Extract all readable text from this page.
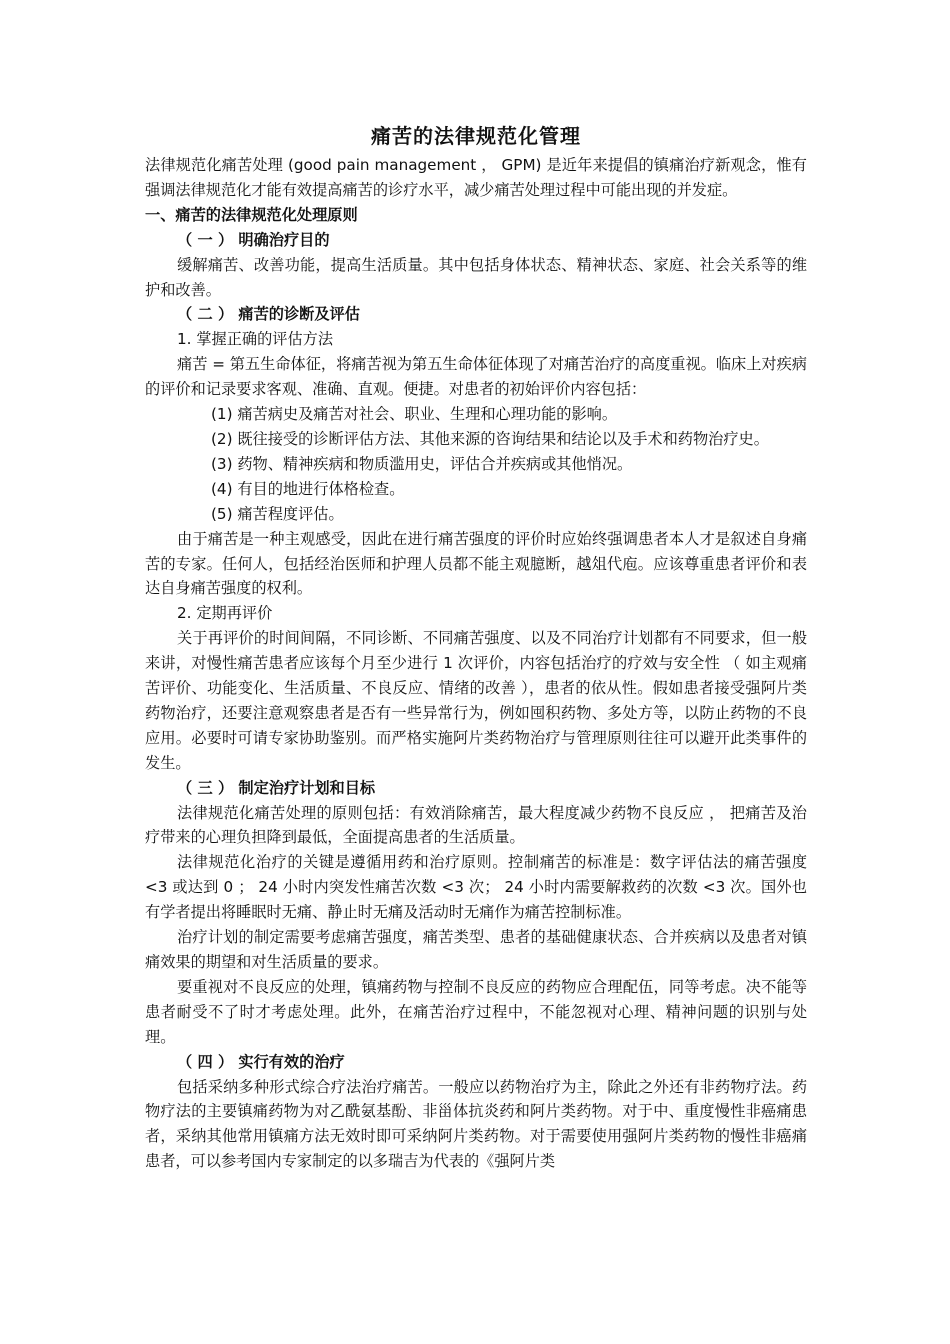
痛苦的法律规范化管理

法律规范化痛苦处理 (good pain management ， GPM) 是近年来提倡的镇痛治疗新观念，惟有强调法律规范化才能有效提高痛苦的诊疗水平，减少痛苦处理过程中可能出现的并发症。

一、痛苦的法律规范化处理原则

（ 一 ） 明确治疗目的

缓解痛苦、改善功能，提高生活质量。其中包括身体状态、精神状态、家庭、社会关系等的维护和改善。

（ 二 ） 痛苦的诊断及评估

1. 掌握正确的评估方法

痛苦 = 第五生命体征，将痛苦视为第五生命体征体现了对痛苦治疗的高度重视。临床上对疾病的评价和记录要求客观、准确、直观。便捷。对患者的初始评价内容包括：

(1) 痛苦病史及痛苦对社会、职业、生理和心理功能的影响。

(2) 既往接受的诊断评估方法、其他来源的咨询结果和结论以及手术和药物治疗史。

(3) 药物、精神疾病和物质滥用史，评估合并疾病或其他悄况。

(4) 有目的地进行体格检查。

(5) 痛苦程度评估。

由于痛苦是一种主观感受，因此在进行痛苦强度的评价时应始终强调患者本人才是叙述自身痛苦的专家。任何人，包括经治医师和护理人员都不能主观臆断，越俎代庖。应该尊重患者评价和表达自身痛苦强度的权利。

2. 定期再评价

关于再评价的时间间隔，不同诊断、不同痛苦强度、以及不同治疗计划都有不同要求，但一般来讲，对慢性痛苦患者应该每个月至少进行 1 次评价，内容包括治疗的疗效与安全性 （ 如主观痛苦评价、功能变化、生活质量、不良反应、情绪的改善 ），患者的依从性。假如患者接受强阿片类药物治疗，还要注意观察患者是否有一些异常行为，例如囤积药物、多处方等，以防止药物的不良应用。必要时可请专家协助鉴别。而严格实施阿片类药物治疗与管理原则往往可以避开此类事件的发生。

（ 三 ） 制定治疗计划和目标

法律规范化痛苦处理的原则包括：有效消除痛苦，最大程度减少药物不良反应 ， 把痛苦及治疗带来的心理负担降到最低，全面提高患者的生活质量。

法律规范化治疗的关键是遵循用药和治疗原则。控制痛苦的标准是：数字评估法的痛苦强度 <3 或达到 0 ； 24 小时内突发性痛苦次数 <3 次； 24 小时内需要解救药的次数 <3 次。国外也有学者提出将睡眠时无痛、静止时无痛及活动时无痛作为痛苦控制标准。

治疗计划的制定需要考虑痛苦强度，痛苦类型、患者的基础健康状态、合并疾病以及患者对镇痛效果的期望和对生活质量的要求。

要重视对不良反应的处理，镇痛药物与控制不良反应的药物应合理配伍，同等考虑。决不能等患者耐受不了时才考虑处理。此外，在痛苦治疗过程中，不能忽视对心理、精神问题的识别与处理。

（ 四 ） 实行有效的治疗

包括采纳多种形式综合疗法治疗痛苦。一般应以药物治疗为主，除此之外还有非药物疗法。药物疗法的主要镇痛药物为对乙酰氨基酚、非甾体抗炎药和阿片类药物。对于中、重度慢性非癌痛患者，采纳其他常用镇痛方法无效时即可采纳阿片类药物。对于需要使用强阿片类药物的慢性非癌痛患者，可以参考国内专家制定的以多瑞吉为代表的《强阿片类
